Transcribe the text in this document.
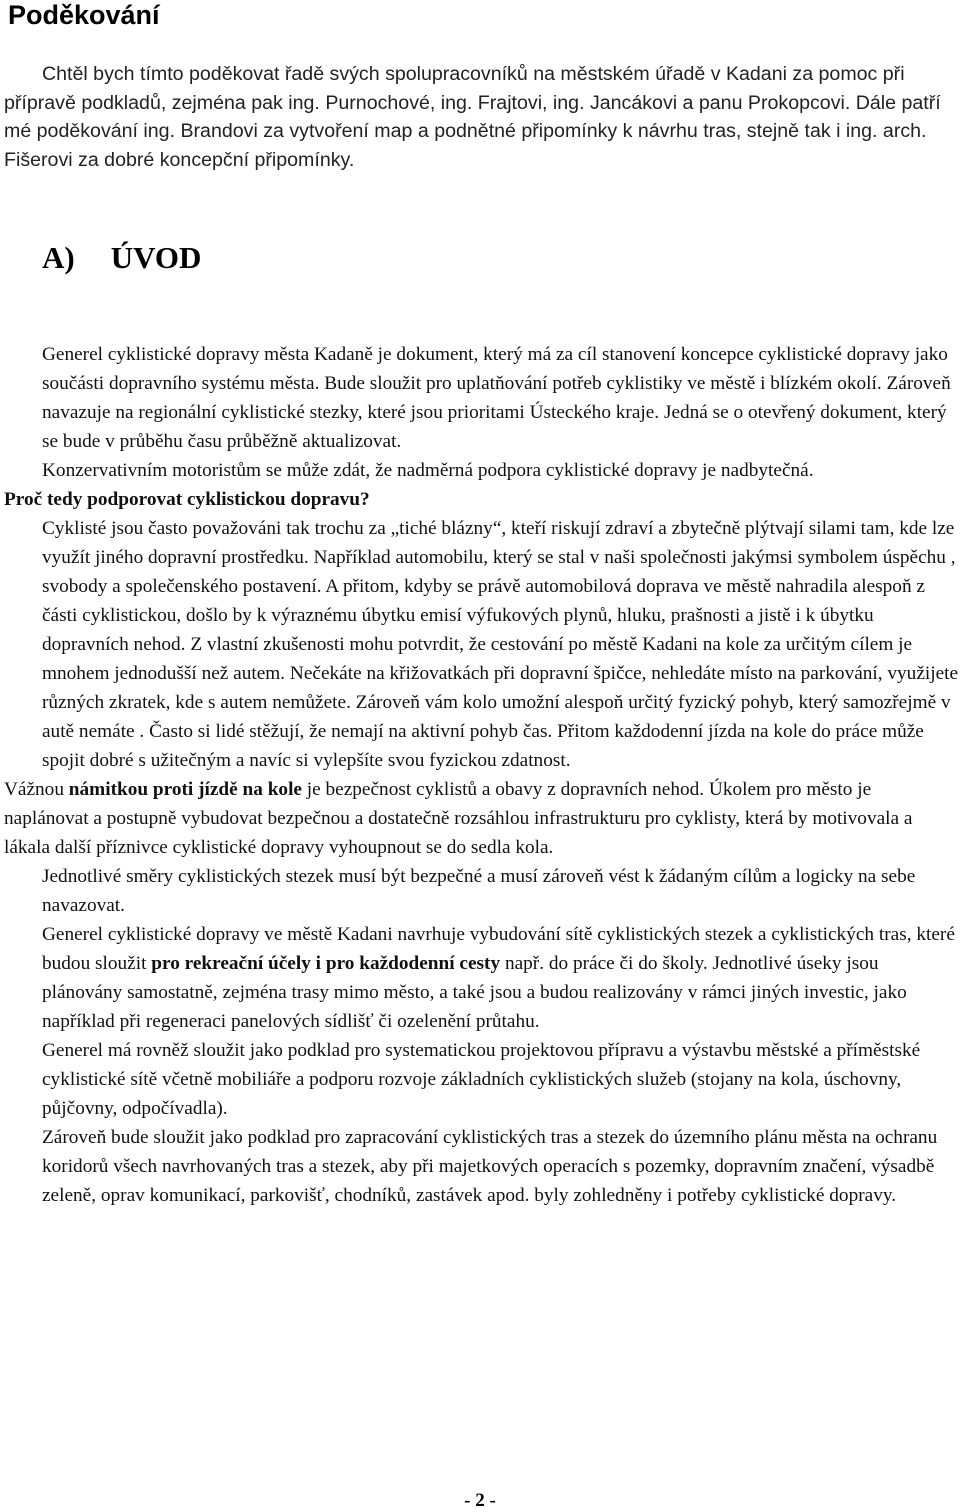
Poděkování

Chtěl bych tímto poděkovat řadě svých spolupracovníků na městském úřadě v Kadani za pomoc při přípravě podkladů, zejména pak ing. Purnochové, ing. Frajtovi, ing. Jancákovi a panu Prokopcovi. Dále patří mé poděkování ing. Brandovi za vytvoření map a podnětné připomínky k návrhu tras, stejně tak i ing. arch. Fišerovi za dobré koncepční připomínky.

A) ÚVOD

Generel cyklistické dopravy města Kadaně je dokument, který má za cíl stanovení koncepce cyklistické dopravy jako součásti dopravního systému města. Bude sloužit pro uplatňování potřeb cyklistiky ve městě i blízkém okolí. Zároveň navazuje na regionální cyklistické stezky, které jsou prioritami Ústeckého kraje. Jedná se o otevřený dokument, který se bude v průběhu času průběžně aktualizovat.

Konzervativním motoristům se může zdát, že nadměrná podpora cyklistické dopravy je nadbytečná.

Proč tedy podporovat cyklistickou dopravu?

Cyklisté jsou často považováni tak trochu za „tiché blázny“, kteří riskují zdraví a zbytečně plýtvají silami tam, kde lze využít jiného dopravní prostředku. Například automobilu, který se stal v naši společnosti jakýmsi symbolem úspěchu , svobody a společenského postavení. A přitom, kdyby se právě automobilová doprava ve městě nahradila alespoň z části cyklistickou, došlo by k výraznému úbytku emisí výfukových plynů, hluku, prašnosti a jistě i k úbytku dopravních nehod. Z vlastní zkušenosti mohu potvrdit, že cestování po městě Kadani na kole za určitým cílem je mnohem jednodušší než autem. Nečekáte na křižovatkách při dopravní špičce, nehledáte místo na parkování, využijete různých zkratek, kde s autem nemůžete. Zároveň vám kolo umožní alespoň určitý fyzický pohyb, který samozřejmě v autě nemáte . Často si lidé stěžují, že nemají na aktivní pohyb čas. Přitom každodenní jízda na kole do práce může spojit dobré s užitečným a navíc si vylepšíte svou fyzickou zdatnost.

Vážnou námitkou proti jízdě na kole je bezpečnost cyklistů a obavy z dopravních nehod. Úkolem pro město je naplánovat a postupně vybudovat bezpečnou a dostatečně rozsáhlou infrastrukturu pro cyklisty, která by motivovala a lákala další příznivce cyklistické dopravy vyhoupnout se do sedla kola.

Jednotlivé směry cyklistických stezek musí být bezpečné a musí zároveň vést k žádaným cílům a logicky na sebe navazovat.

Generel cyklistické dopravy ve městě Kadani navrhuje vybudování sítě cyklistických stezek a cyklistických tras, které budou sloužit pro rekreační účely i pro každodenní cesty např. do práce či do školy. Jednotlivé úseky jsou plánovány samostatně, zejména trasy mimo město, a také jsou a budou realizovány v rámci jiných investic, jako například při regeneraci panelových sídlišť či ozelenění průtahu.

Generel má rovněž sloužit jako podklad pro systematickou projektovou přípravu a výstavbu městské a příměstské cyklistické sítě včetně mobiliáře a podporu rozvoje základních cyklistických služeb (stojany na kola, úschovny, půjčovny, odpočívadla).

Zároveň bude sloužit jako podklad pro zapracování cyklistických tras a stezek do územního plánu města na ochranu koridorů všech navrhovaných tras a stezek, aby při majetkových operacích s pozemky, dopravním značení, výsadbě zeleně, oprav komunikací, parkovišť, chodníků, zastávek apod. byly zohledněny i potřeby cyklistické dopravy.

- 2 -
